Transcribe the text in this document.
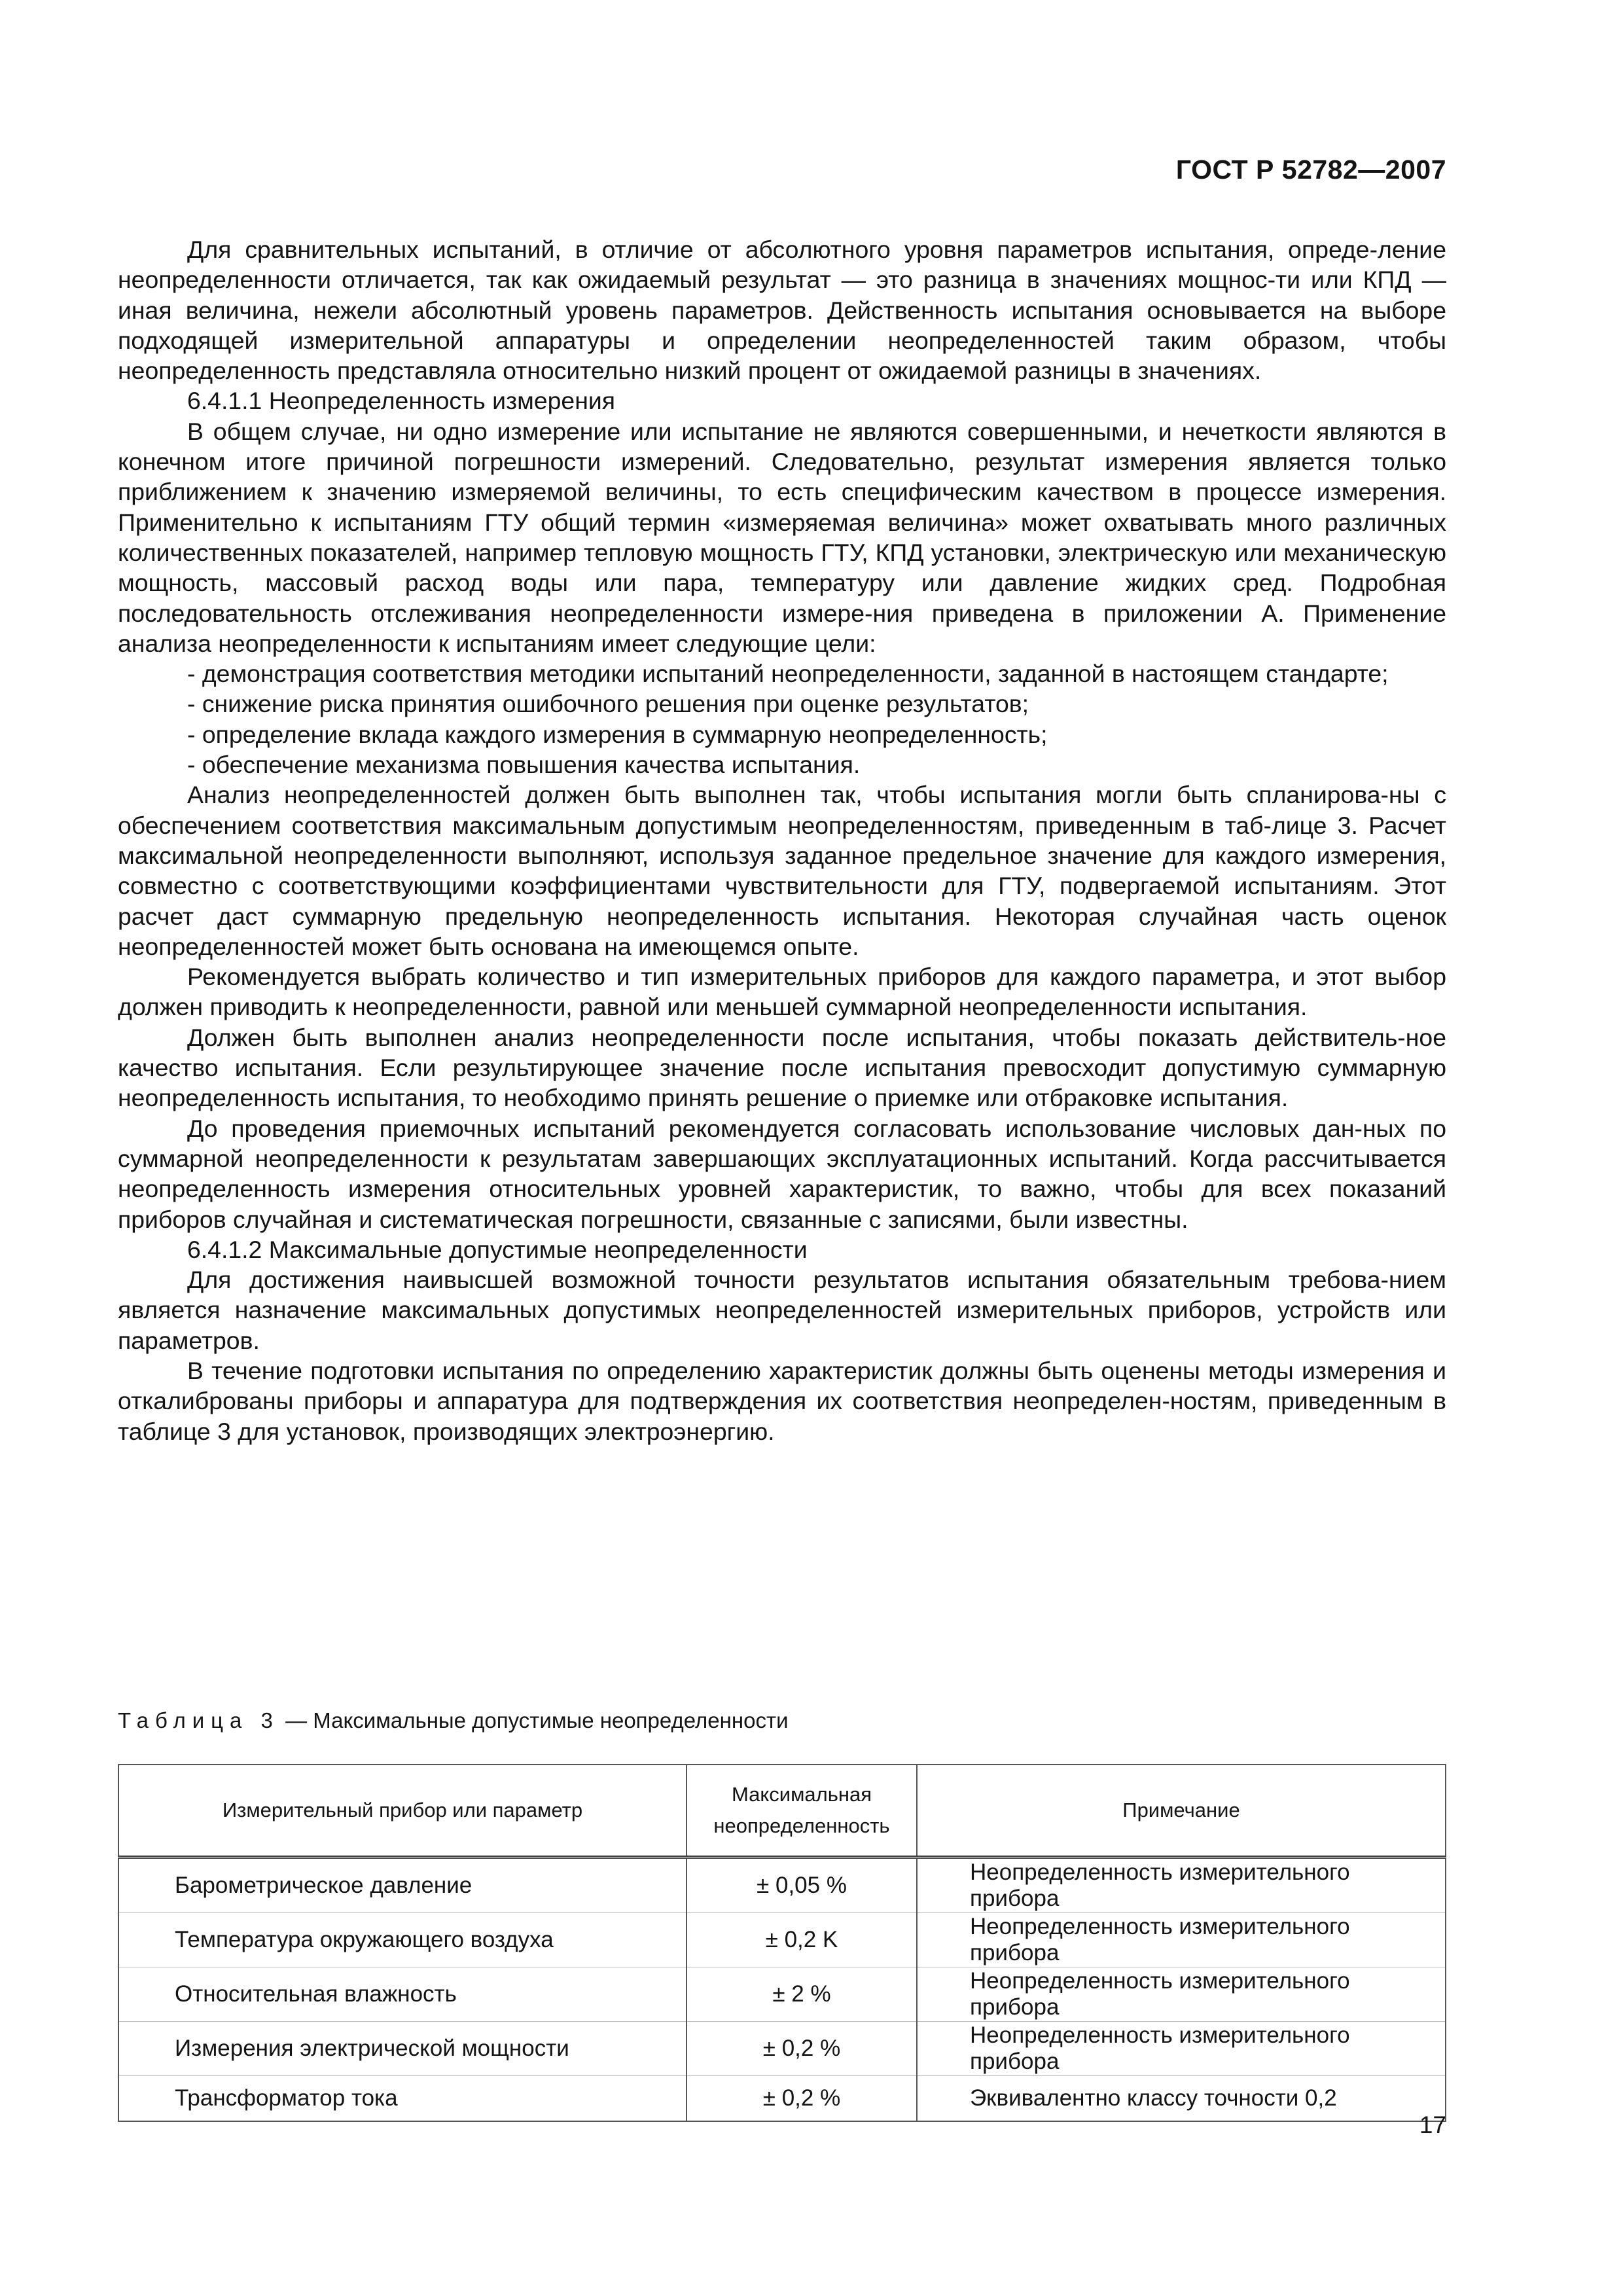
ГОСТ Р 52782—2007

Для сравнительных испытаний, в отличие от абсолютного уровня параметров испытания, опреде-ление неопределенности отличается, так как ожидаемый результат — это разница в значениях мощнос-ти или КПД — иная величина, нежели абсолютный уровень параметров. Действенность испытания основывается на выборе подходящей измерительной аппаратуры и определении неопределенностей таким образом, чтобы неопределенность представляла относительно низкий процент от ожидаемой разницы в значениях.

6.4.1.1 Неопределенность измерения

В общем случае, ни одно измерение или испытание не являются совершенными, и нечеткости являются в конечном итоге причиной погрешности измерений. Следовательно, результат измерения является только приближением к значению измеряемой величины, то есть специфическим качеством в процессе измерения. Применительно к испытаниям ГТУ общий термин «измеряемая величина» может охватывать много различных количественных показателей, например тепловую мощность ГТУ, КПД установки, электрическую или механическую мощность, массовый расход воды или пара, температуру или давление жидких сред. Подробная последовательность отслеживания неопределенности измере-ния приведена в приложении А. Применение анализа неопределенности к испытаниям имеет следующие цели:

- демонстрация соответствия методики испытаний неопределенности, заданной в настоящем стандарте;

- снижение риска принятия ошибочного решения при оценке результатов;

- определение вклада каждого измерения в суммарную неопределенность;

- обеспечение механизма повышения качества испытания.

Анализ неопределенностей должен быть выполнен так, чтобы испытания могли быть спланирова-ны с обеспечением соответствия максимальным допустимым неопределенностям, приведенным в таб-лице 3. Расчет максимальной неопределенности выполняют, используя заданное предельное значение для каждого измерения, совместно с соответствующими коэффициентами чувствительности для ГТУ, подвергаемой испытаниям. Этот расчет даст суммарную предельную неопределенность испытания. Некоторая случайная часть оценок неопределенностей может быть основана на имеющемся опыте.

Рекомендуется выбрать количество и тип измерительных приборов для каждого параметра, и этот выбор должен приводить к неопределенности, равной или меньшей суммарной неопределенности испытания.

Должен быть выполнен анализ неопределенности после испытания, чтобы показать действитель-ное качество испытания. Если результирующее значение после испытания превосходит допустимую суммарную неопределенность испытания, то необходимо принять решение о приемке или отбраковке испытания.

До проведения приемочных испытаний рекомендуется согласовать использование числовых дан-ных по суммарной неопределенности к результатам завершающих эксплуатационных испытаний. Когда рассчитывается неопределенность измерения относительных уровней характеристик, то важно, чтобы для всех показаний приборов случайная и систематическая погрешности, связанные с записями, были известны.

6.4.1.2 Максимальные допустимые неопределенности

Для достижения наивысшей возможной точности результатов испытания обязательным требова-нием является назначение максимальных допустимых неопределенностей измерительных приборов, устройств или параметров.

В течение подготовки испытания по определению характеристик должны быть оценены методы измерения и откалиброваны приборы и аппаратура для подтверждения их соответствия неопределен-ностям, приведенным в таблице 3 для установок, производящих электроэнергию.

Таблица 3 — Максимальные допустимые неопределенности
Измерительный прибор или параметр	Максимальная неопределенность	Примечание
Барометрическое давление	± 0,05 %	Неопределенность измерительного прибора
Температура окружающего воздуха	± 0,2 K	Неопределенность измерительного прибора
Относительная влажность	± 2 %	Неопределенность измерительного прибора
Измерения электрической мощности	± 0,2 %	Неопределенность измерительного прибора
Трансформатор тока	± 0,2 %	Эквивалентно классу точности 0,2
17
